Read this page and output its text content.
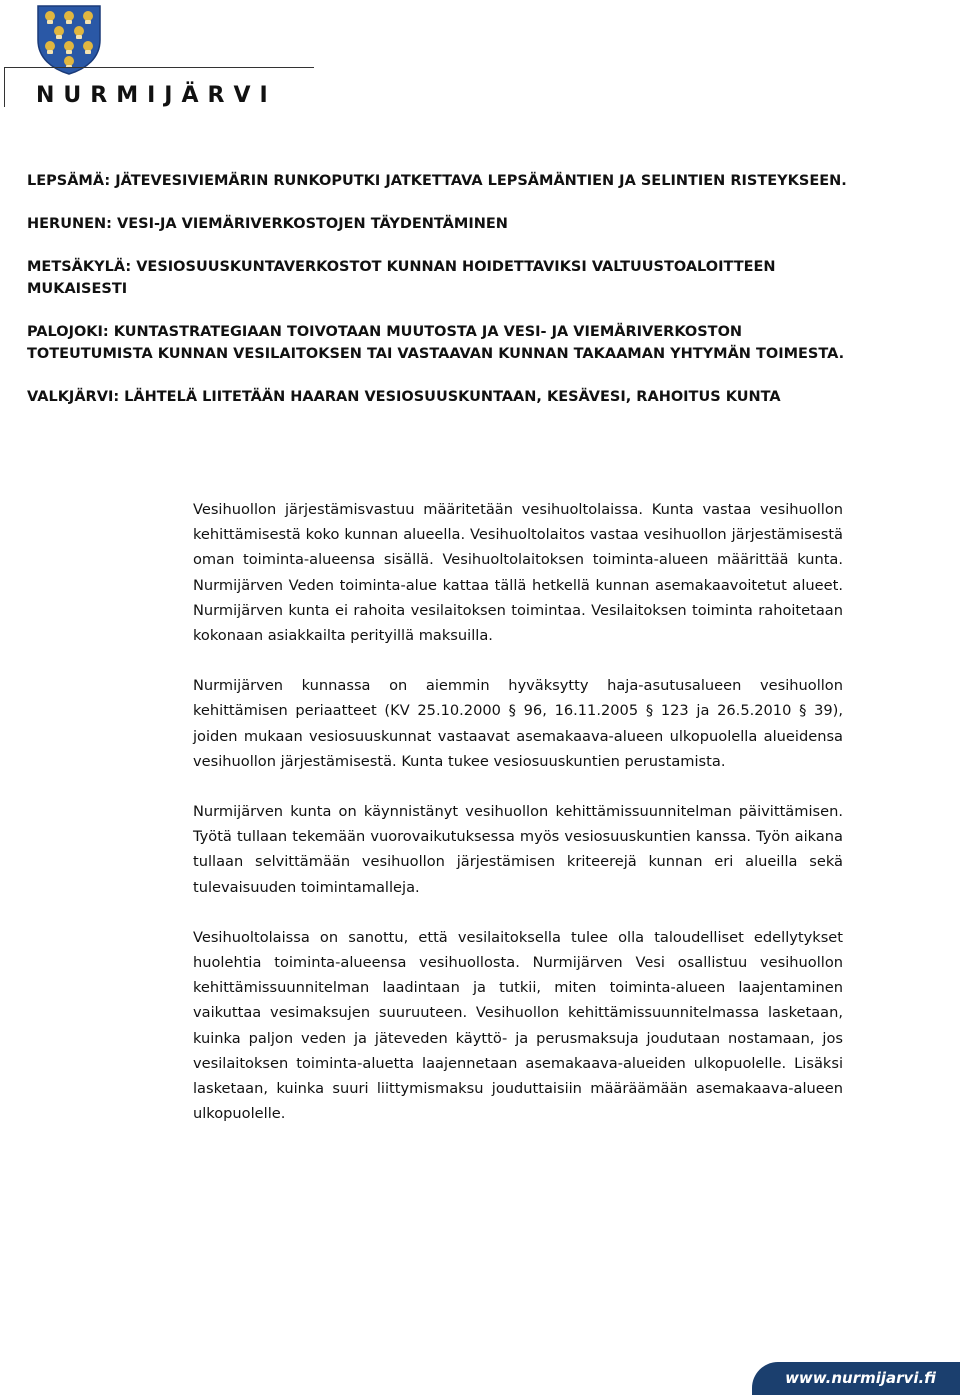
NURMIJÄRVI

LEPSÄMÄ: JÄTEVESIVIEMÄRIN RUNKOPUTKI JATKETTAVA LEPSÄMÄNTIEN JA SELINTIEN RISTEYKSEEN.

HERUNEN: VESI-JA VIEMÄRIVERKOSTOJEN TÄYDENTÄMINEN

METSÄKYLÄ: VESIOSUUSKUNTAVERKOSTOT KUNNAN HOIDETTAVIKSI VALTUUSTOALOITTEEN MUKAISESTI

PALOJOKI: KUNTASTRATEGIAAN TOIVOTAAN MUUTOSTA JA VESI- JA VIEMÄRIVERKOSTON TOTEUTUMISTA KUNNAN VESILAITOKSEN TAI VASTAAVAN KUNNAN TAKAAMAN YHTYMÄN TOIMESTA.

VALKJÄRVI: LÄHTELÄ LIITETÄÄN HAARAN VESIOSUUSKUNTAAN, KESÄVESI, RAHOITUS KUNTA

Vesihuollon järjestämisvastuu määritetään vesihuoltolaissa. Kunta vastaa vesihuollon kehittämisestä koko kunnan alueella. Vesihuoltolaitos vastaa vesihuollon järjestämisestä oman toiminta-alueensa sisällä. Vesihuoltolaitoksen toiminta-alueen määrittää kunta. Nurmijärven Veden toiminta-alue kattaa tällä hetkellä kunnan asemakaavoitetut alueet. Nurmijärven kunta ei rahoita vesilaitoksen toimintaa. Vesilaitoksen toiminta rahoitetaan kokonaan asiakkailta perityillä maksuilla.

Nurmijärven kunnassa on aiemmin hyväksytty haja-asutusalueen vesihuollon kehittämisen periaatteet (KV 25.10.2000 § 96, 16.11.2005 § 123 ja 26.5.2010 § 39), joiden mukaan vesiosuuskunnat vastaavat asemakaava-alueen ulkopuolella alueidensa vesihuollon järjestämisestä. Kunta tukee vesiosuuskuntien perustamista.

Nurmijärven kunta on käynnistänyt vesihuollon kehittämissuunnitelman päivittämisen. Työtä tullaan tekemään vuorovaikutuksessa myös vesiosuuskuntien kanssa. Työn aikana tullaan selvittämään vesihuollon järjestämisen kriteerejä kunnan eri alueilla sekä tulevaisuuden toimintamalleja.

Vesihuoltolaissa on sanottu, että vesilaitoksella tulee olla taloudelliset edellytykset huolehtia toiminta-alueensa vesihuollosta. Nurmijärven Vesi osallistuu vesihuollon kehittämissuunnitelman laadintaan ja tutkii, miten toiminta-alueen laajentaminen vaikuttaa vesimaksujen suuruuteen. Vesihuollon kehittämissuunnitelmassa lasketaan, kuinka paljon veden ja jäteveden käyttö- ja perusmaksuja joudutaan nostamaan, jos vesilaitoksen toiminta-aluetta laajennetaan asemakaava-alueiden ulkopuolelle. Lisäksi lasketaan, kuinka suuri liittymismaksu jouduttaisiin määräämään asemakaava-alueen ulkopuolelle.

www.nurmijarvi.fi
